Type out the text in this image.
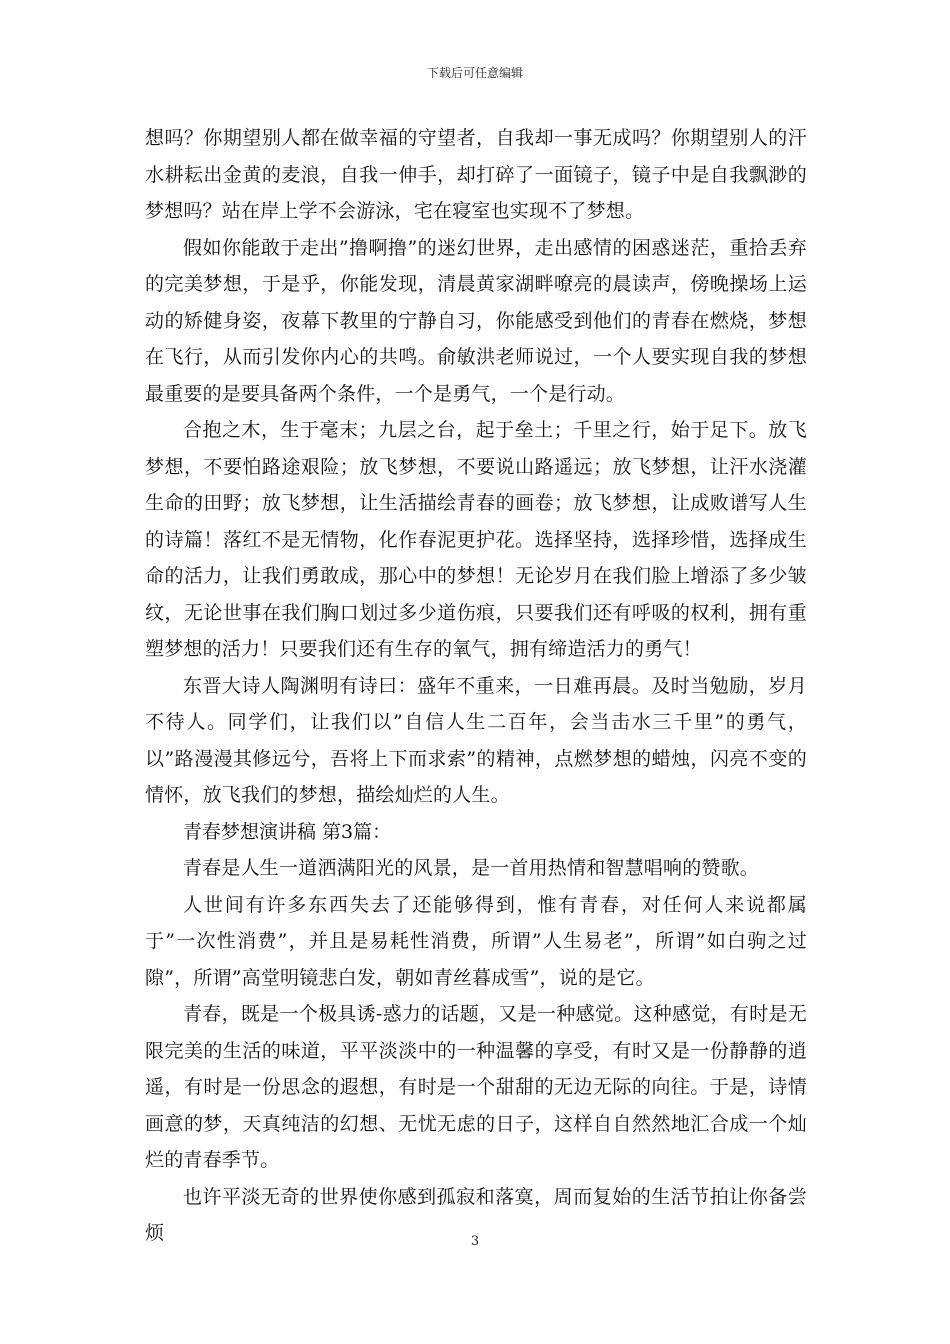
下载后可任意编辑

想吗？你期望别人都在做幸福的守望者，自我却一事无成吗？你期望别人的汗水耕耘出金黄的麦浪，自我一伸手，却打碎了一面镜子，镜子中是自我飘渺的梦想吗？站在岸上学不会游泳，宅在寝室也实现不了梦想。

假如你能敢于走出”撸啊撸”的迷幻世界，走出感情的困惑迷茫，重拾丢弃的完美梦想，于是乎，你能发现，清晨黄家湖畔嘹亮的晨读声，傍晚操场上运动的矫健身姿，夜幕下教里的宁静自习，你能感受到他们的青春在燃烧，梦想在飞行，从而引发你内心的共鸣。俞敏洪老师说过，一个人要实现自我的梦想最重要的是要具备两个条件，一个是勇气，一个是行动。

合抱之木，生于毫末；九层之台，起于垒土；千里之行，始于足下。放飞梦想，不要怕路途艰险；放飞梦想，不要说山路遥远；放飞梦想，让汗水浇灌生命的田野；放飞梦想，让生活描绘青春的画卷；放飞梦想，让成败谱写人生的诗篇！落红不是无情物，化作春泥更护花。选择坚持，选择珍惜，选择成生命的活力，让我们勇敢成，那心中的梦想！无论岁月在我们脸上增添了多少皱纹，无论世事在我们胸口划过多少道伤痕，只要我们还有呼吸的权利，拥有重塑梦想的活力！只要我们还有生存的氧气，拥有缔造活力的勇气！

东晋大诗人陶渊明有诗曰：盛年不重来，一日难再晨。及时当勉励，岁月不待人。同学们，让我们以”自信人生二百年，会当击水三千里”的勇气，以”路漫漫其修远兮，吾将上下而求索”的精神，点燃梦想的蜡烛，闪亮不变的情怀，放飞我们的梦想，描绘灿烂的人生。

青春梦想演讲稿 第3篇：

青春是人生一道洒满阳光的风景，是一首用热情和智慧唱响的赞歌。

人世间有许多东西失去了还能够得到，惟有青春，对任何人来说都属于”一次性消费”，并且是易耗性消费，所谓”人生易老”，所谓”如白驹之过隙”，所谓”高堂明镜悲白发，朝如青丝暮成雪”，说的是它。

青春，既是一个极具诱-惑力的话题，又是一种感觉。这种感觉，有时是无限完美的生活的味道，平平淡淡中的一种温馨的享受，有时又是一份静静的逍遥，有时是一份思念的遐想，有时是一个甜甜的无边无际的向往。于是，诗情画意的梦，天真纯洁的幻想、无忧无虑的日子，这样自自然然地汇合成一个灿烂的青春季节。

也许平淡无奇的世界使你感到孤寂和落寞，周而复始的生活节拍让你备尝烦	3
